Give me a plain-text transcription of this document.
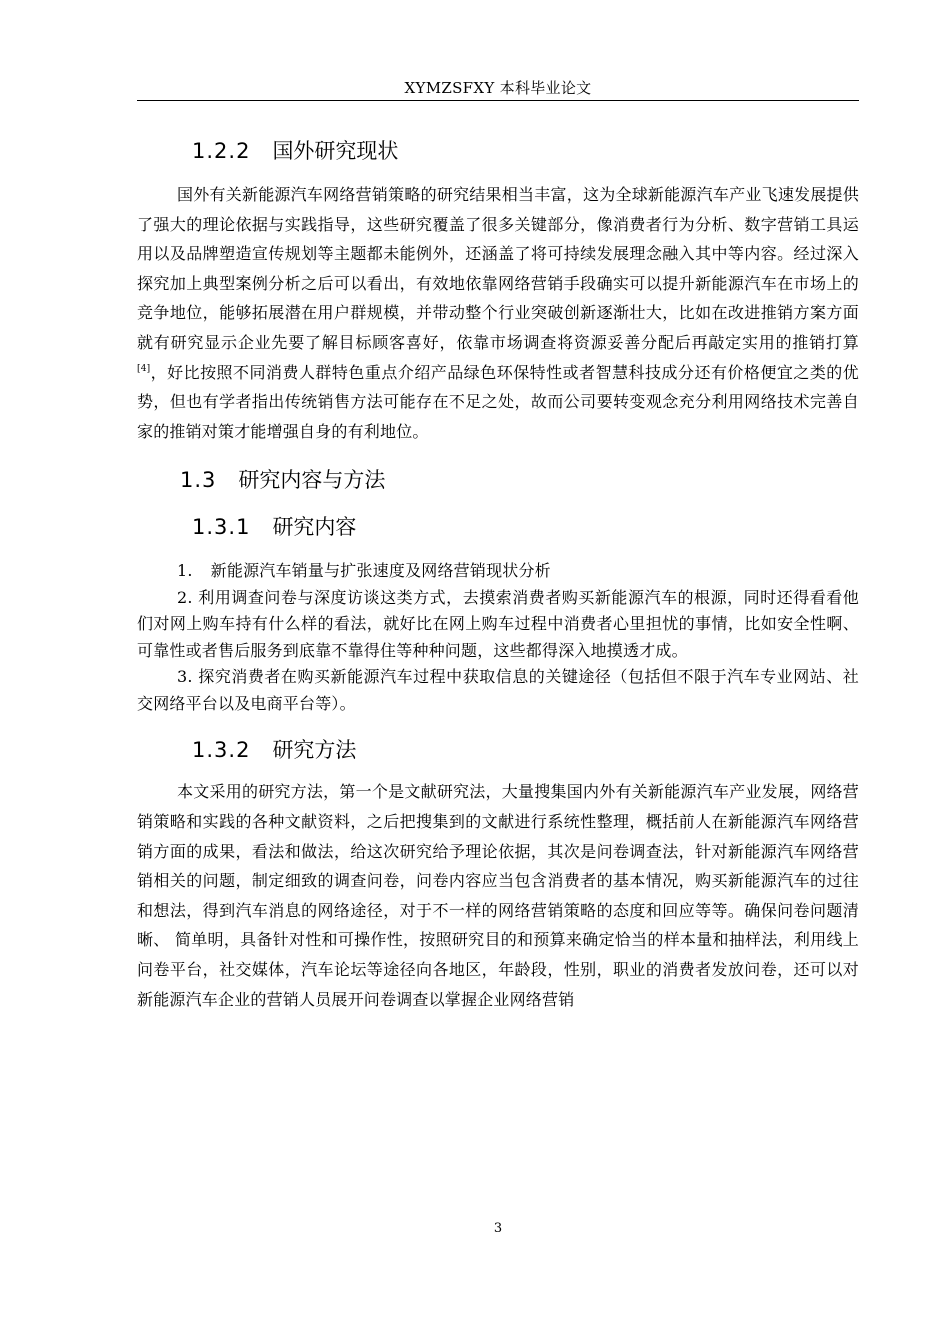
XYMZSFXY 本科毕业论文
1.2.2 国外研究现状

国外有关新能源汽车网络营销策略的研究结果相当丰富，这为全球新能源汽车产业飞速发展提供了强大的理论依据与实践指导，这些研究覆盖了很多关键部分，像消费者行为分析、数字营销工具运用以及品牌塑造宣传规划等主题都未能例外，还涵盖了将可持续发展理念融入其中等内容。经过深入探究加上典型案例分析之后可以看出，有效地依靠网络营销手段确实可以提升新能源汽车在市场上的竞争地位，能够拓展潜在用户群规模，并带动整个行业突破创新逐渐壮大，比如在改进推销方案方面就有研究显示企业先要了解目标顾客喜好，依靠市场调查将资源妥善分配后再敲定实用的推销打算[4]，好比按照不同消费人群特色重点介绍产品绿色环保特性或者智慧科技成分还有价格便宜之类的优势，但也有学者指出传统销售方法可能存在不足之处，故而公司要转变观念充分利用网络技术完善自家的推销对策才能增强自身的有利地位。

1.3 研究内容与方法
1.3.1 研究内容

1. 新能源汽车销量与扩张速度及网络营销现状分析

2. 利用调查问卷与深度访谈这类方式，去摸索消费者购买新能源汽车的根源，同时还得看看他们对网上购车持有什么样的看法，就好比在网上购车过程中消费者心里担忧的事情，比如安全性啊、可靠性或者售后服务到底靠不靠得住等种种问题，这些都得深入地摸透才成。

3. 探究消费者在购买新能源汽车过程中获取信息的关键途径（包括但不限于汽车专业网站、社交网络平台以及电商平台等）。

1.3.2 研究方法

本文采用的研究方法，第一个是文献研究法，大量搜集国内外有关新能源汽车产业发展，网络营销策略和实践的各种文献资料，之后把搜集到的文献进行系统性整理，概括前人在新能源汽车网络营销方面的成果，看法和做法，给这次研究给予理论依据，其次是问卷调查法，针对新能源汽车网络营销相关的问题，制定细致的调查问卷，问卷内容应当包含消费者的基本情况，购买新能源汽车的过往和想法，得到汽车消息的网络途径，对于不一样的网络营销策略的态度和回应等等。确保问卷问题清晰、 简单明，具备针对性和可操作性，按照研究目的和预算来确定恰当的样本量和抽样法，利用线上问卷平台，社交媒体，汽车论坛等途径向各地区，年龄段，性别，职业的消费者发放问卷，还可以对新能源汽车企业的营销人员展开问卷调查以掌握企业网络营销

3
